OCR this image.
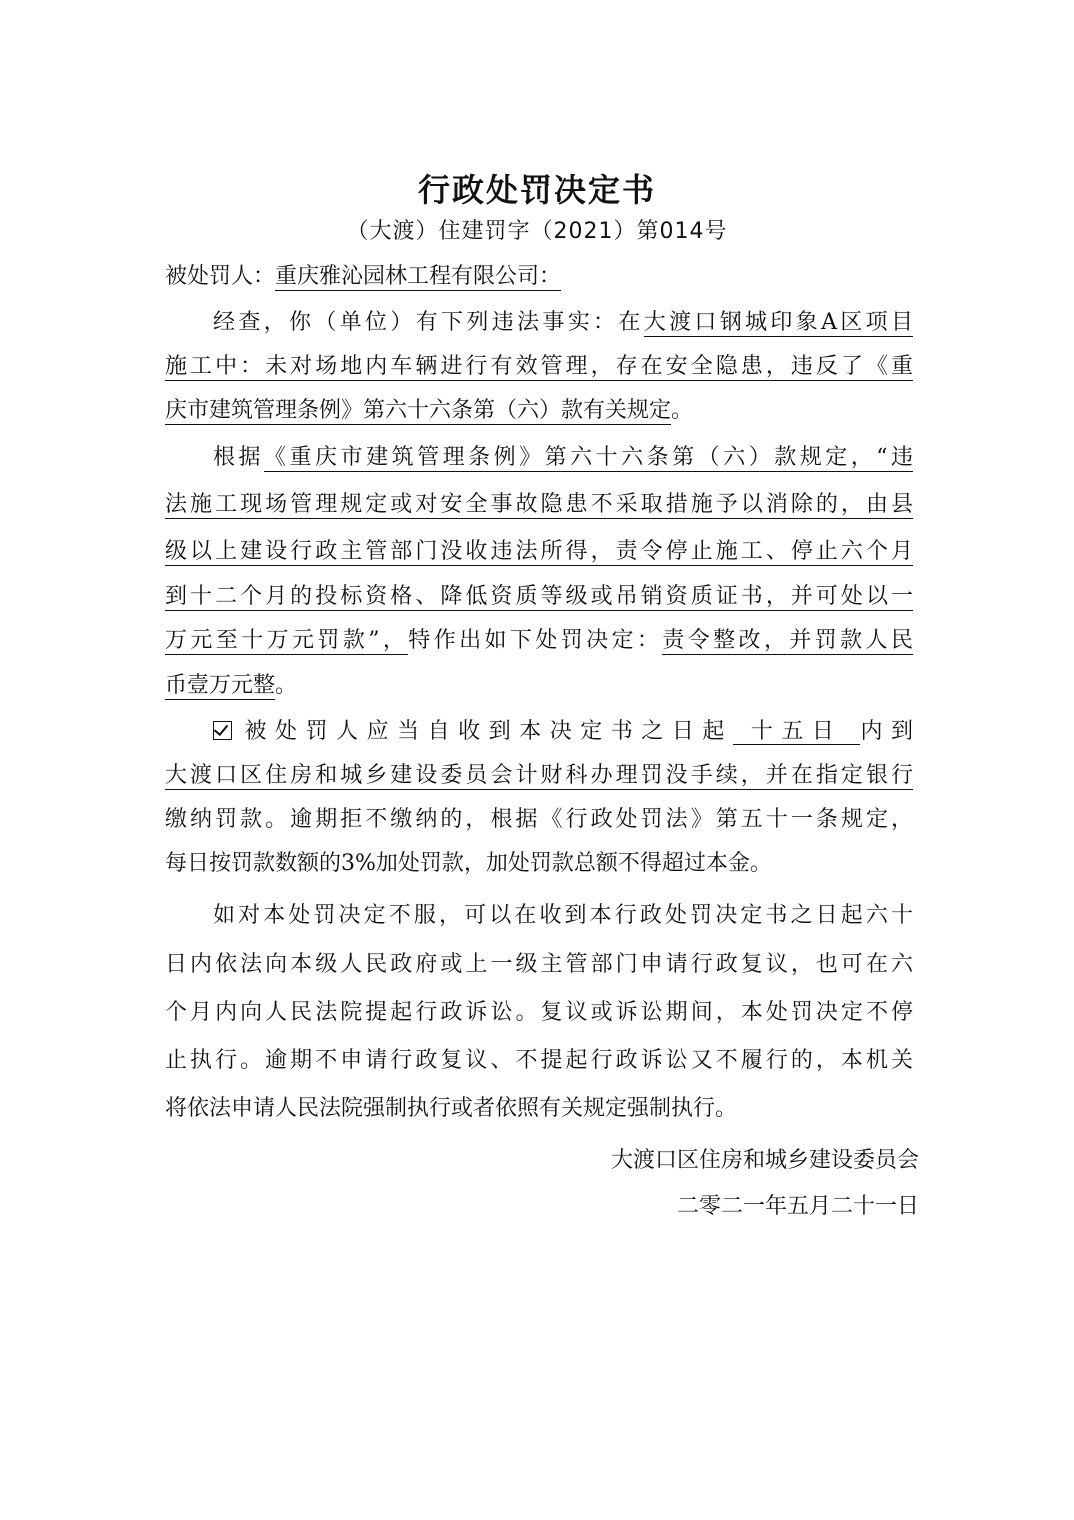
行政处罚决定书
（大渡）住建罚字（2021）第014号
被处罚人：重庆雅沁园林工程有限公司：
经查，你（单位）有下列违法事实：在大渡口钢城印象A区项目
施工中：未对场地内车辆进行有效管理，存在安全隐患，违反了《重
庆市建筑管理条例》第六十六条第（六）款有关规定。
根据《重庆市建筑管理条例》第六十六条第（六）款规定，“违
法施工现场管理规定或对安全事故隐患不采取措施予以消除的，由县
级以上建设行政主管部门没收违法所得，责令停止施工、停止六个月
到十二个月的投标资格、降低资质等级或吊销资质证书，并可处以一
万元至十万元罚款”，特作出如下处罚决定：责令整改，并罚款人民
币壹万元整。
被处罚人应当自收到本决定书之日起 十五日 内到
大渡口区住房和城乡建设委员会计财科办理罚没手续，并在指定银行
缴纳罚款。逾期拒不缴纳的，根据《行政处罚法》第五十一条规定，
每日按罚款数额的3%加处罚款，加处罚款总额不得超过本金。
如对本处罚决定不服，可以在收到本行政处罚决定书之日起六十
日内依法向本级人民政府或上一级主管部门申请行政复议，也可在六
个月内向人民法院提起行政诉讼。复议或诉讼期间，本处罚决定不停
止执行。逾期不申请行政复议、不提起行政诉讼又不履行的，本机关
将依法申请人民法院强制执行或者依照有关规定强制执行。
大渡口区住房和城乡建设委员会
二零二一年五月二十一日
